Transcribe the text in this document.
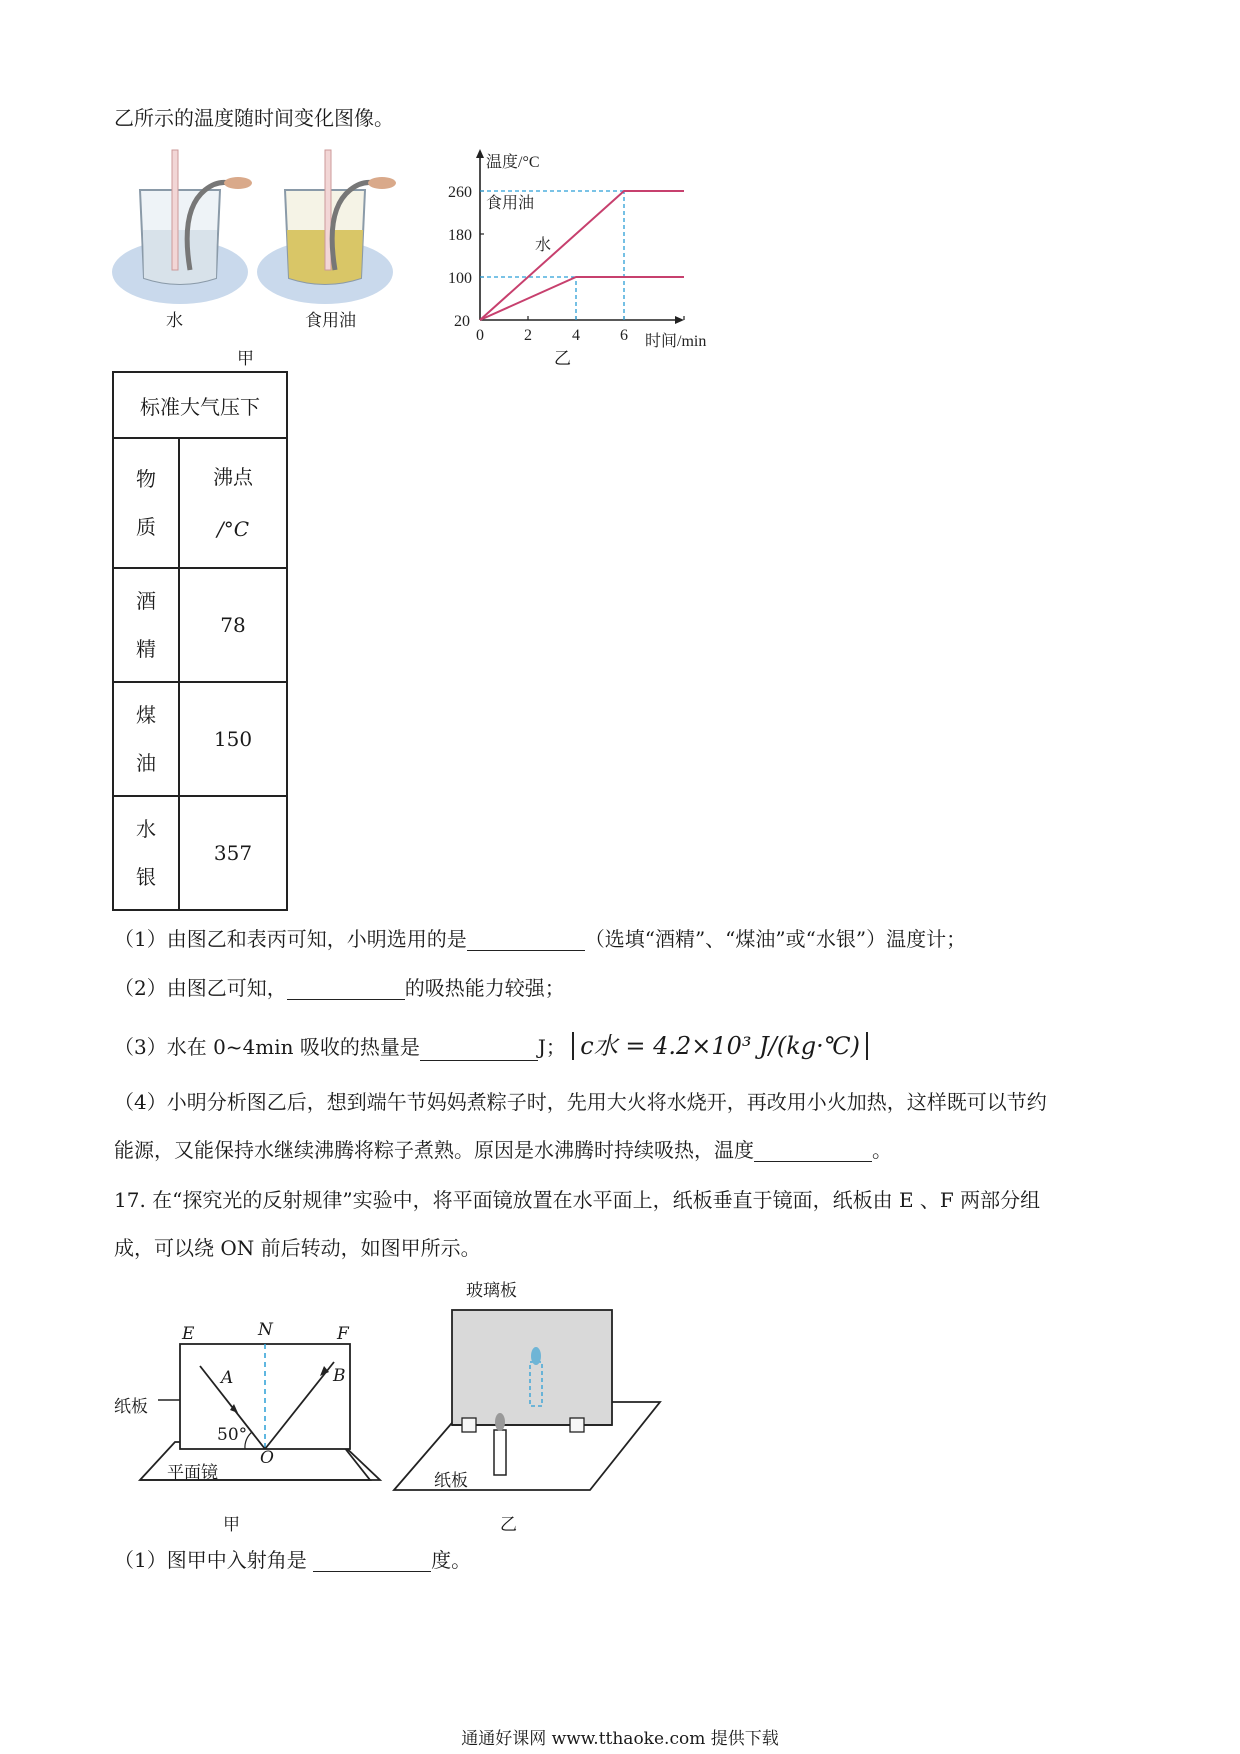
乙所示的温度随时间变化图像。
水	食用油
甲
温度/°C
时间/min
20
0	2	4	6
100
180
260
食用油
水
乙
标准大气压下	
物质	沸点
/°C

酒精	78
煤油	150
水银	357
（1）由图乙和表丙可知，小明选用的是	（选填“酒精”、“煤油”或“水银”）温度计；
（2）由图乙可知，	的吸热能力较强；
（3）水在 0~4min 吸收的热量是	J； c水 = 4.2×10³ J/(kg·℃)
（4）小明分析图乙后，想到端午节妈妈煮粽子时，先用大火将水烧开，再改用小火加热，这样既可以节约
能源，又能保持水继续沸腾将粽子煮熟。原因是水沸腾时持续吸热，温度	。
17. 在“探究光的反射规律”实验中，将平面镜放置在水平面上，纸板垂直于镜面，纸板由 E 、F 两部分组
成，可以绕 ON 前后转动，如图甲所示。
E	N	F
A	B
O
50°
纸板
平面镜
甲
玻璃板
纸板
乙
（1）图甲中入射角是	度。
通通好课网 www.tthaoke.com 提供下载
